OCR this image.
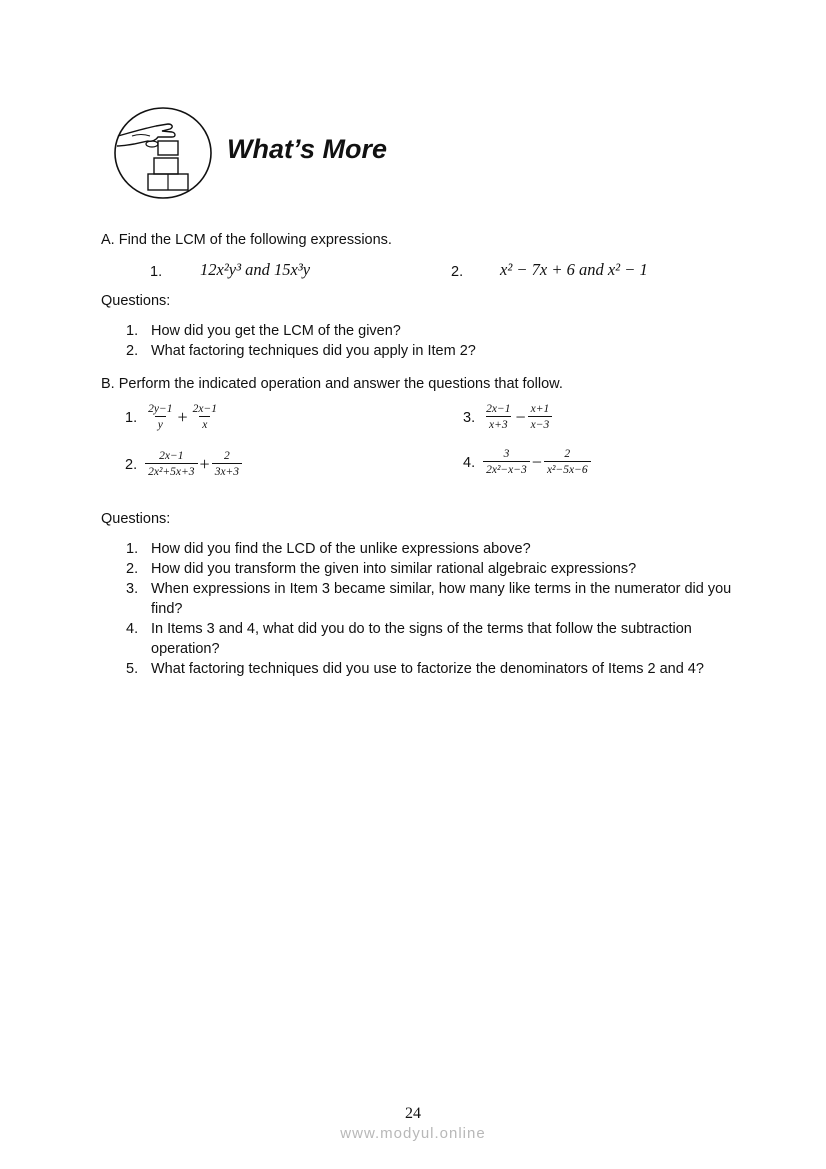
What’s More
A. Find the LCM of the following expressions.
1. 12x²y³ and 15x³y	2. x² − 7x + 6 and x² − 1
Questions:
1. How did you get the LCM of the given?
2. What factoring techniques did you apply in Item 2?
B. Perform the indicated operation and answer the questions that follow.
1. $\frac{2y-1}{y} + \frac{2x-1}{x}$
2. $\frac{2x-1}{\text{2x²+5x+3}} + \frac{2}{3x+3}$
3. $\frac{2x-1}{x+3} - \frac{x+1}{x-3}$
4. $\frac{3}{\text{2x²−x−3}} - \frac{2}{\text{x²−5x−6}}$
Questions:
1. How did you find the LCD of the unlike expressions above?
2. How did you transform the given into similar rational algebraic expressions?
3. When expressions in Item 3 became similar, how many like terms in the numerator did you find?
4. In Items 3 and 4, what did you do to the signs of the terms that follow the subtraction operation?
5. What factoring techniques did you use to factorize the denominators of Items 2 and 4?
24
www.modyul.online
